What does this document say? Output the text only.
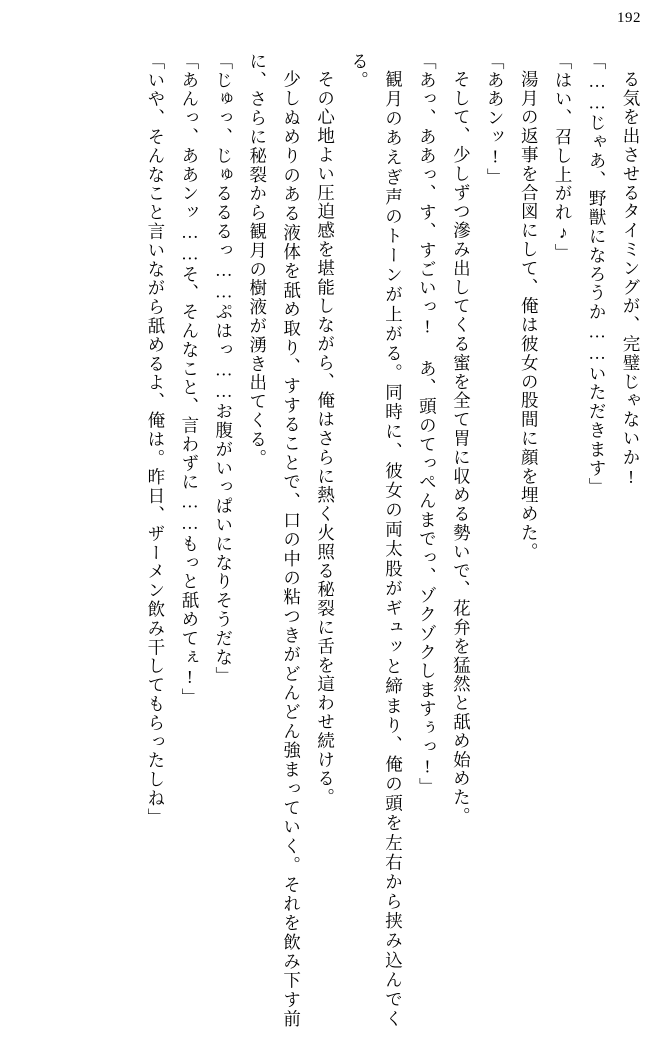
192

る気を出させるタイミングが、完璧じゃないか!

「……じゃあ、野獣になろうか……いただきます」

「はい、召し上がれ♪」

湯月の返事を合図にして、俺は彼女の股間に顔を埋めた。

「ああンッ!」

そして、少しずつ滲み出してくる蜜を全て胃に収める勢いで、花弁を猛然と舐め始めた。

「あっ、ああっ、す、すごいっ! あ、頭のてっぺんまでっ、ゾクゾクしますぅっ!」

観月のあえぎ声のトーンが上がる。同時に、彼女の両太股がギュッと締まり、俺の頭を左右から挟み込んでくる。

その心地よい圧迫感を堪能しながら、俺はさらに熱く火照る秘裂に舌を這わせ続ける。

少しぬめりのある液体を舐め取り、すすることで、口の中の粘つきがどんどん強まっていく。それを飲み下す前に、さらに秘裂から観月の樹液が湧き出てくる。

「じゅっ、じゅるるるっ……ぷはっ……お腹がいっぱいになりそうだな」

「あんっ、ああンッ……そ、そんなこと、言わずに……もっと舐めてぇ!」

「いや、そんなこと言いながら舐めるよ、俺は。昨日、ザーメン飲み干してもらったしね」
